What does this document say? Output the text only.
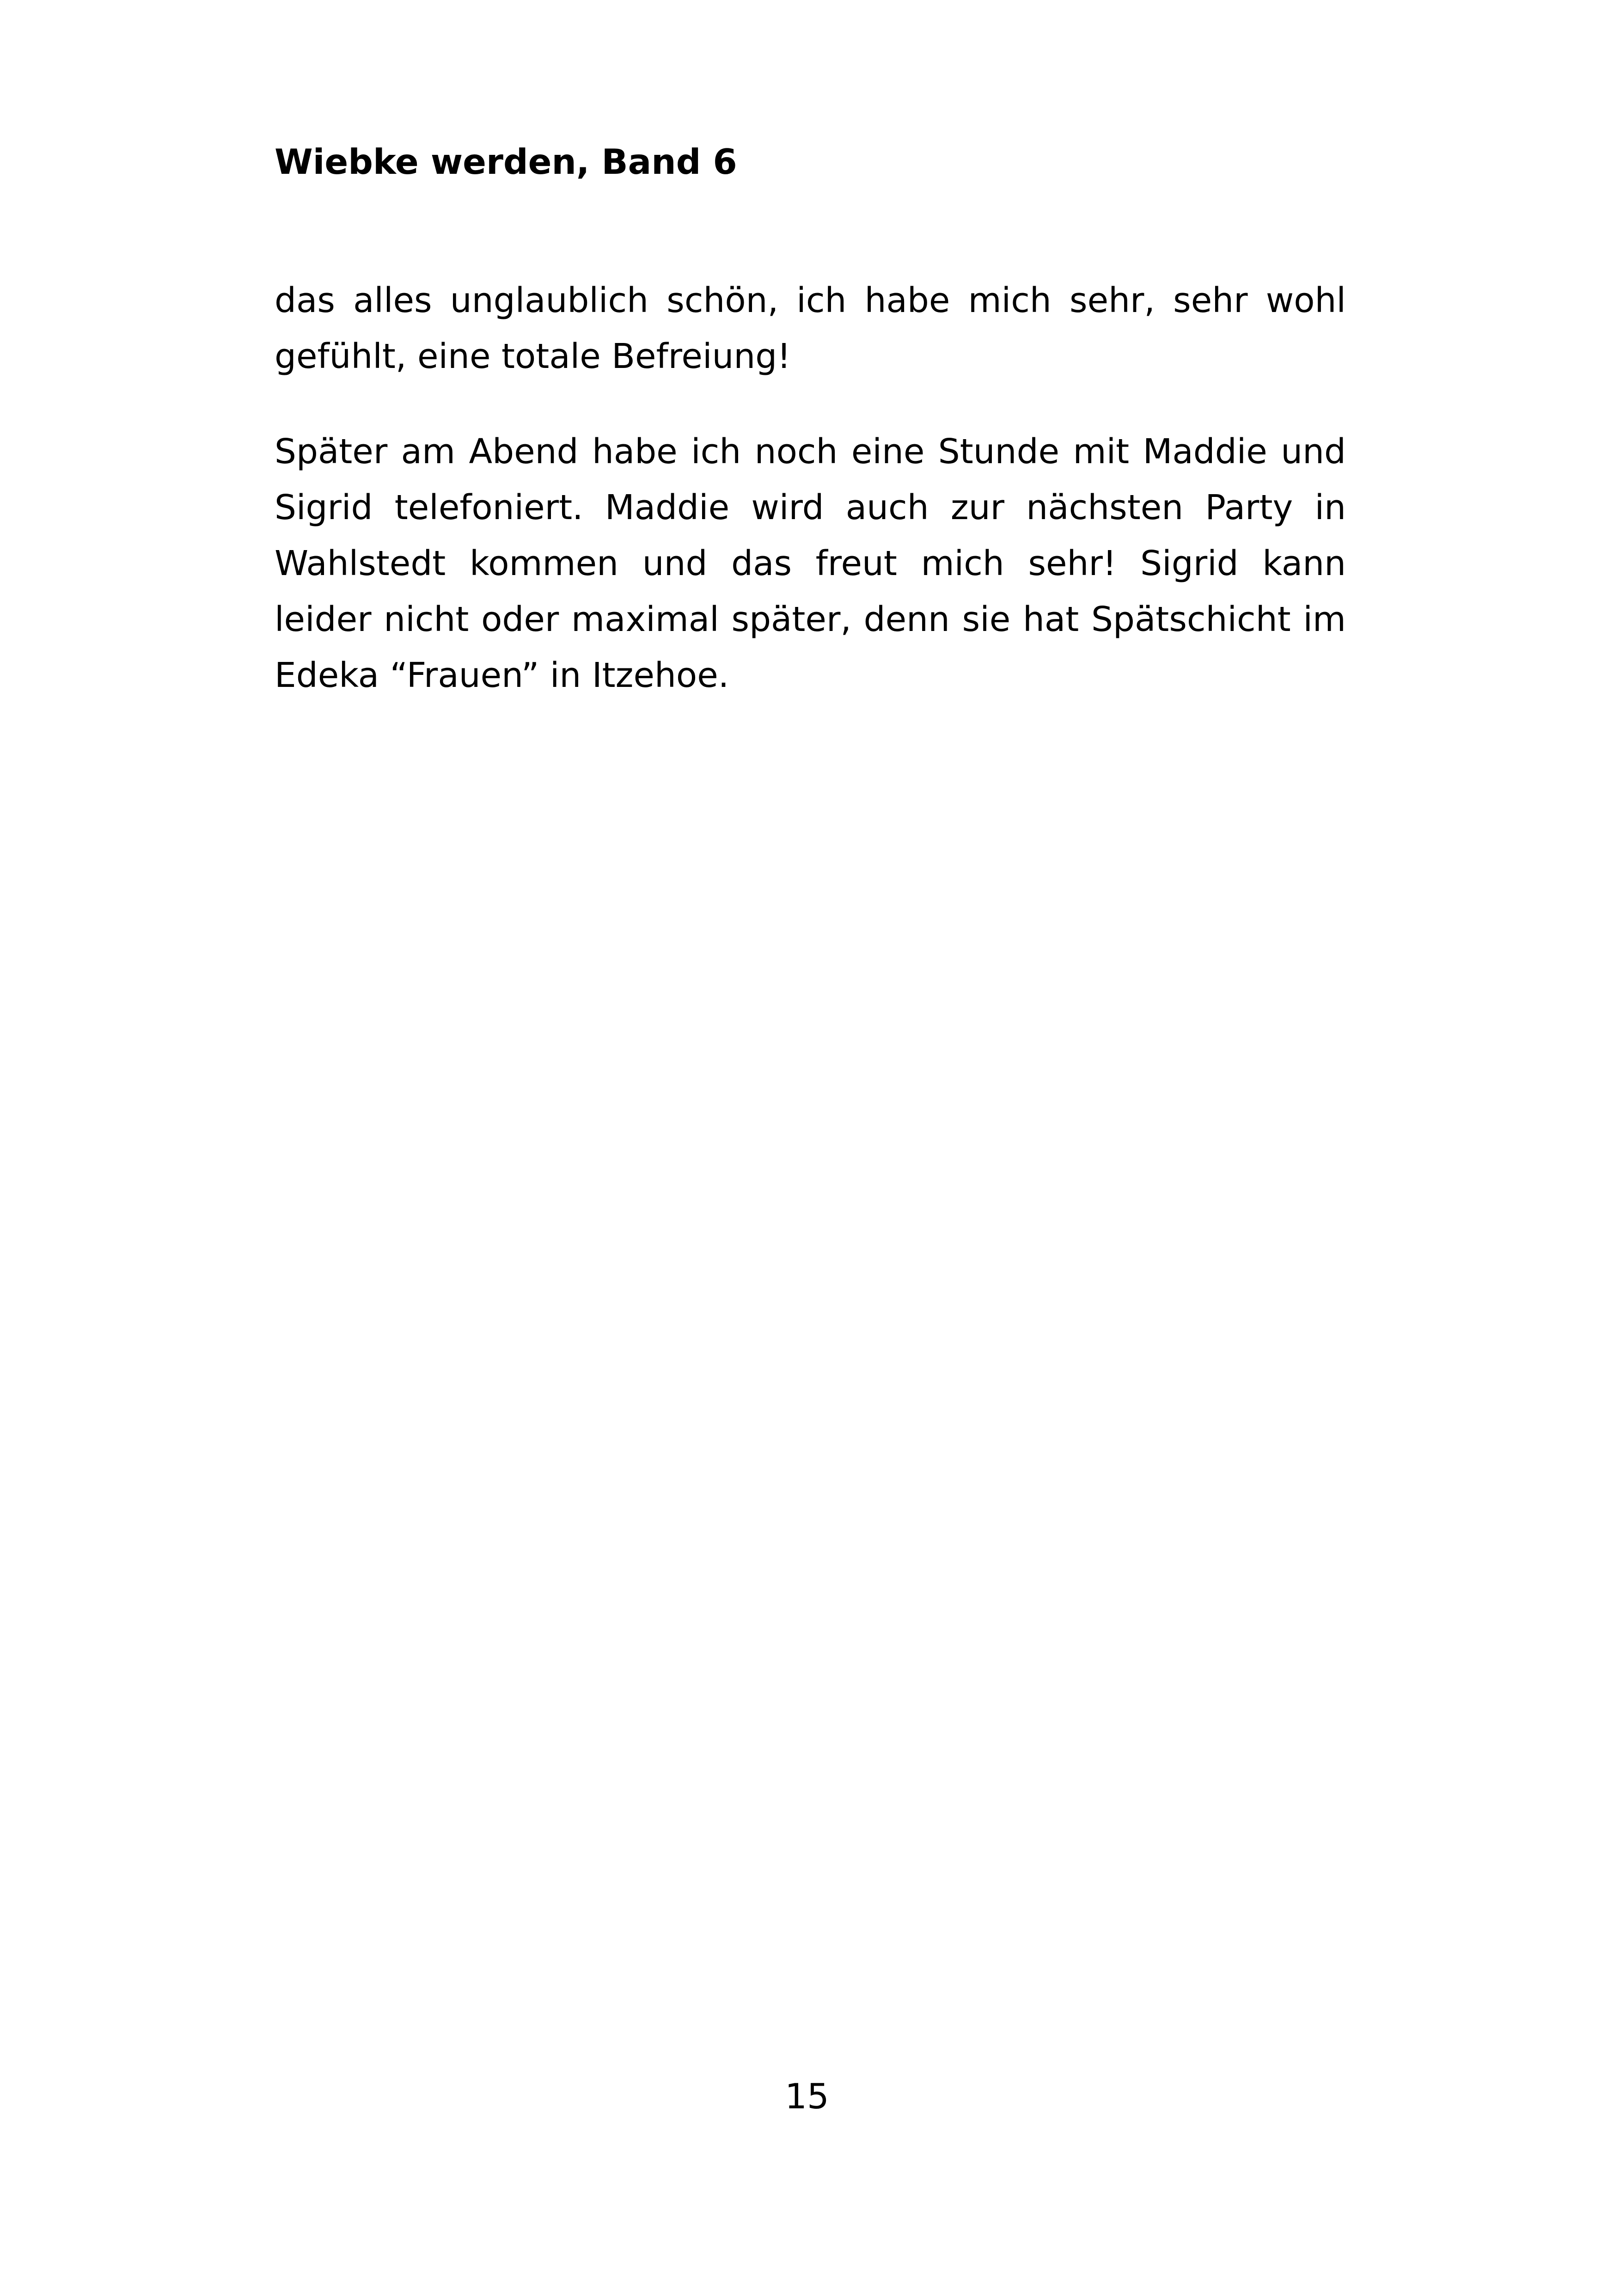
Wiebke werden, Band 6

das alles unglaublich schön, ich habe mich sehr, sehr wohl gefühlt, eine totale Befreiung!

Später am Abend habe ich noch eine Stunde mit Maddie und Sigrid telefoniert. Maddie wird auch zur nächsten Party in Wahlstedt kommen und das freut mich sehr! Sigrid kann leider nicht oder maximal später, denn sie hat Spätschicht im Edeka “Frauen” in Itzehoe.

15
